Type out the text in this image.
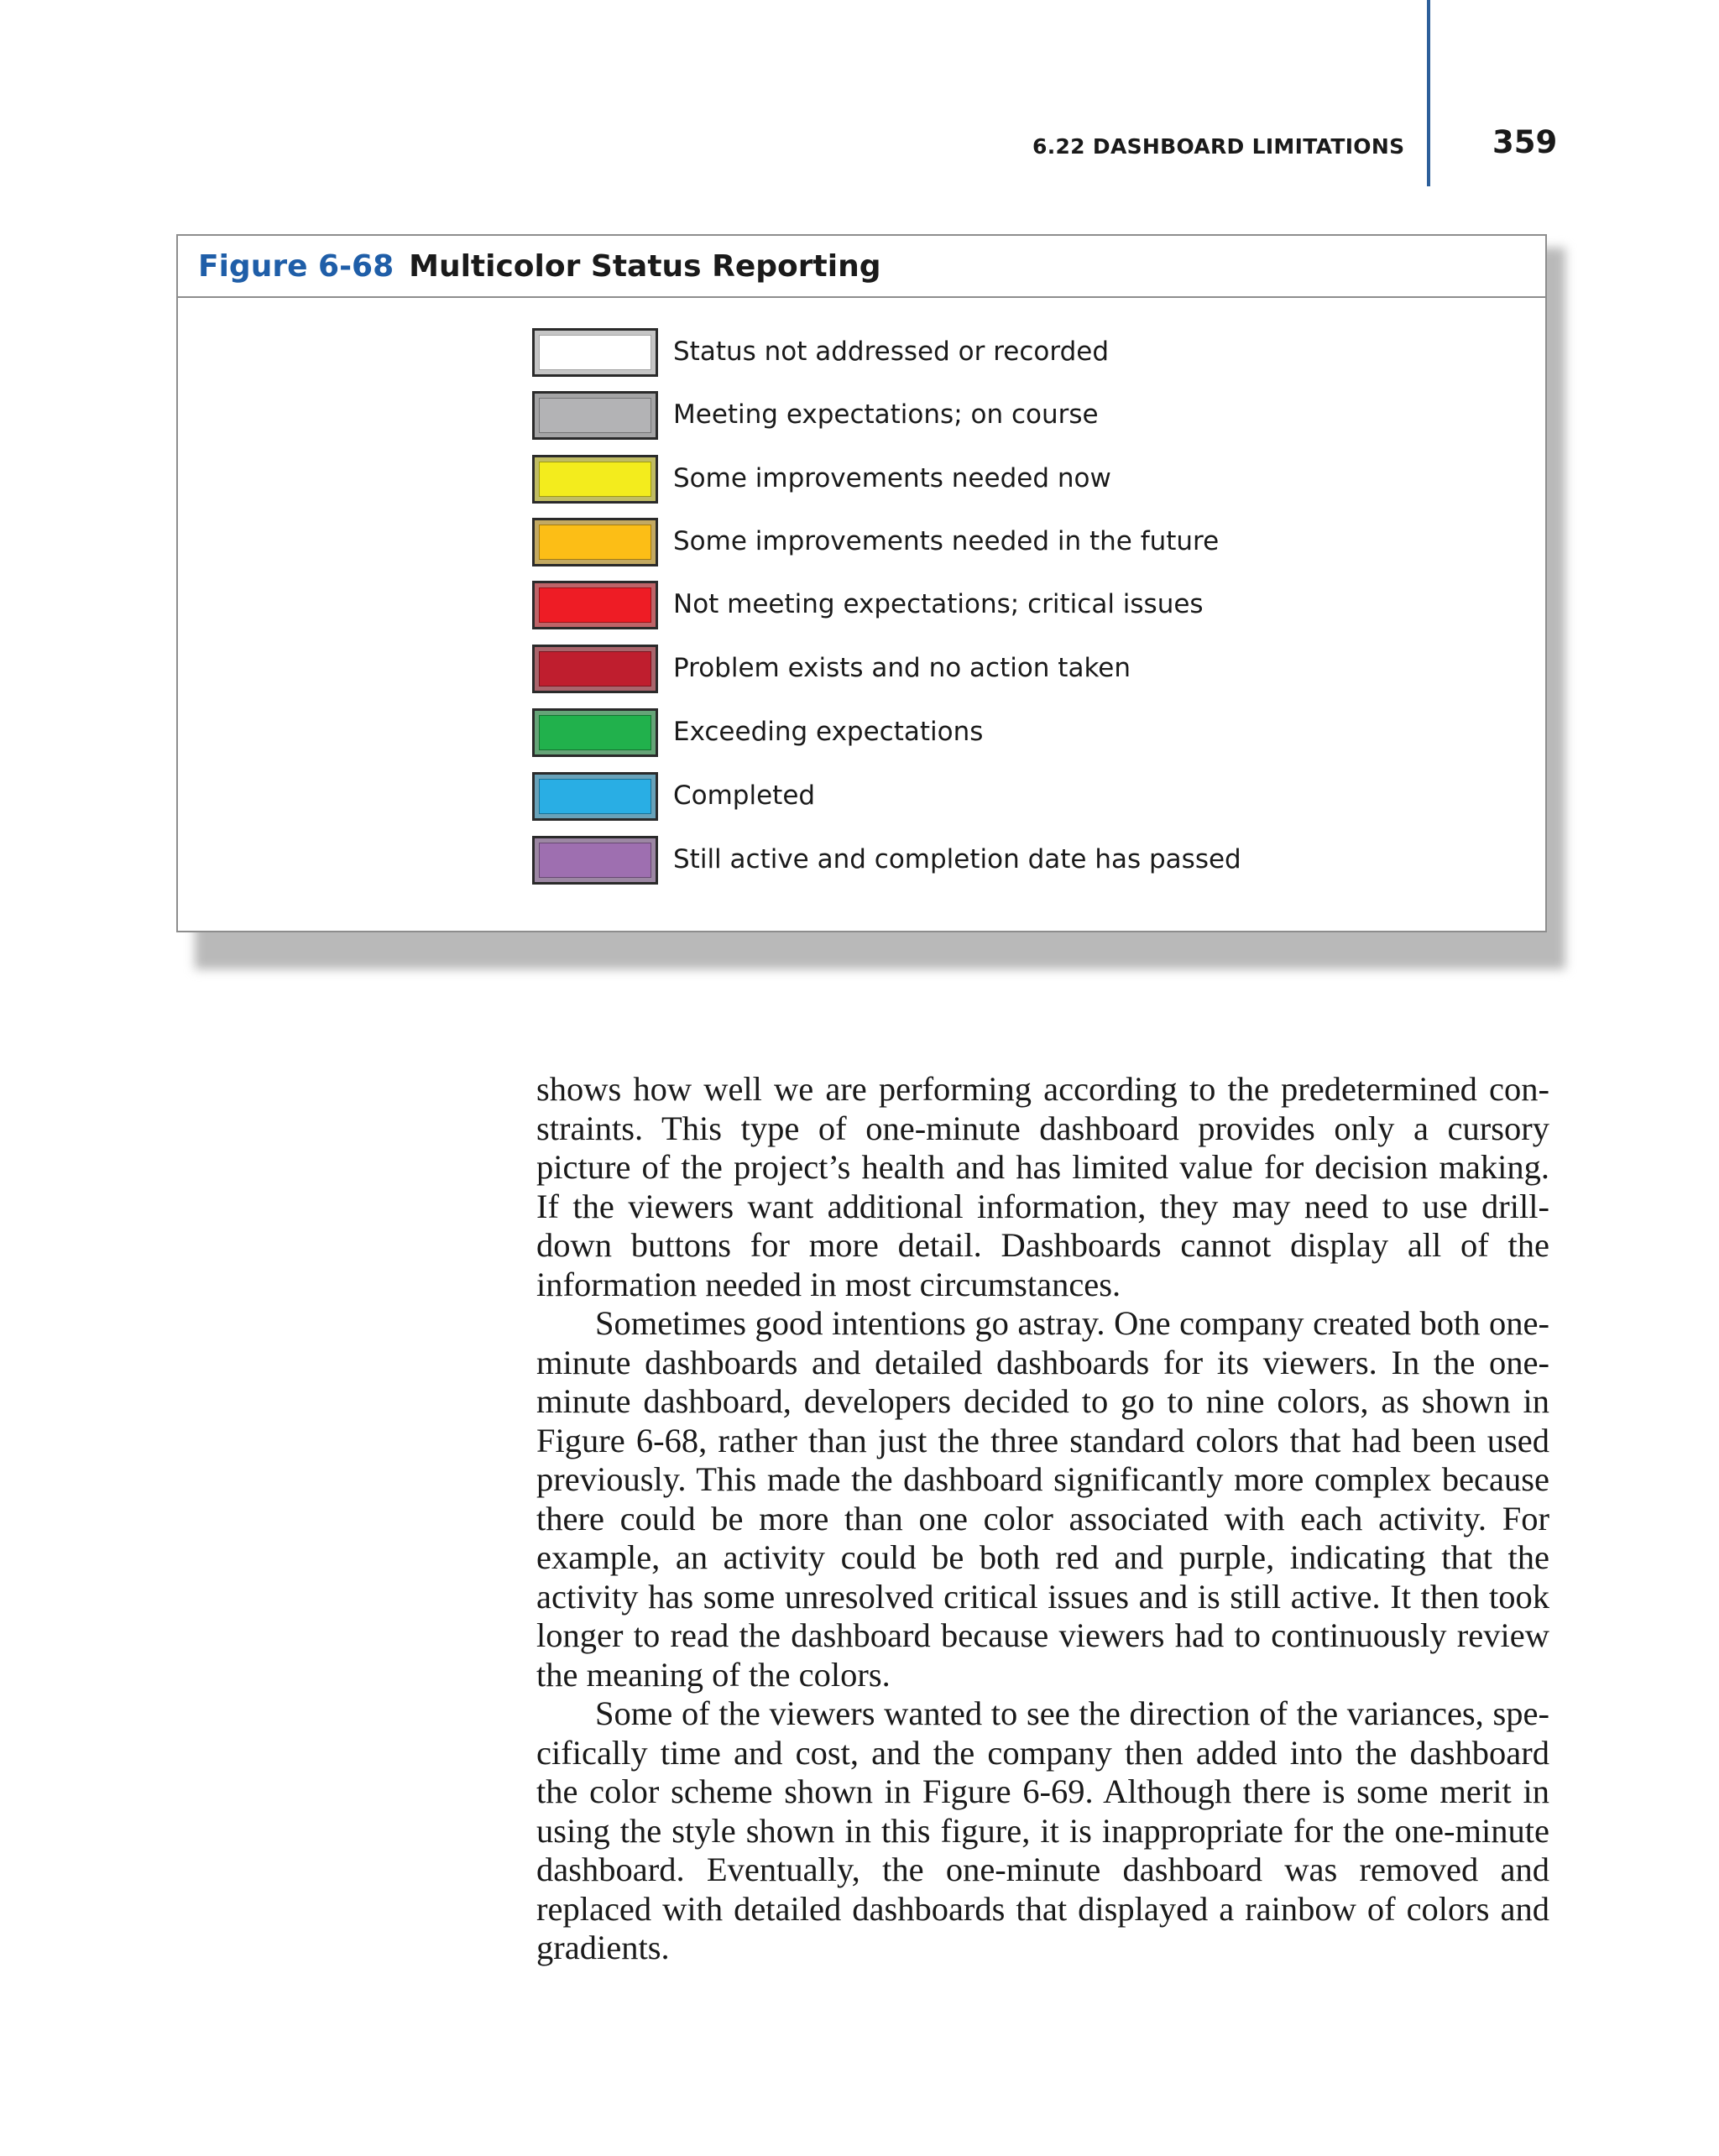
6.22 DASHBOARD LIMITATIONS	359
Figure 6-68 Multicolor Status Reporting
Status not addressed or recorded
Meeting expectations; on course
Some improvements needed now
Some improvements needed in the future
Not meeting expectations; critical issues
Problem exists and no action taken
Exceeding expectations
Completed
Still active and completion date has passed

shows how well we are performing according to the predetermined constraints. This type of one-minute dashboard provides only a cursory picture of the project’s health and has limited value for decision making. If the viewers want additional information, they may need to use drill-down buttons for more detail. Dashboards cannot display all of the information needed in most circumstances.

Sometimes good intentions go astray. One company created both one-minute dashboards and detailed dashboards for its viewers. In the one-minute dashboard, developers decided to go to nine colors, as shown in Figure 6-68, rather than just the three standard colors that had been used previously. This made the dashboard significantly more complex because there could be more than one color associated with each activity. For example, an activity could be both red and purple, indicating that the activity has some unresolved critical issues and is still active. It then took longer to read the dashboard because viewers had to continuously review the meaning of the colors.

Some of the viewers wanted to see the direction of the variances, specifically time and cost, and the company then added into the dashboard the color scheme shown in Figure 6-69. Although there is some merit in using the style shown in this figure, it is inappropriate for the one-minute dashboard. Eventually, the one-minute dashboard was removed and replaced with detailed dashboards that displayed a rainbow of colors and gradients.
